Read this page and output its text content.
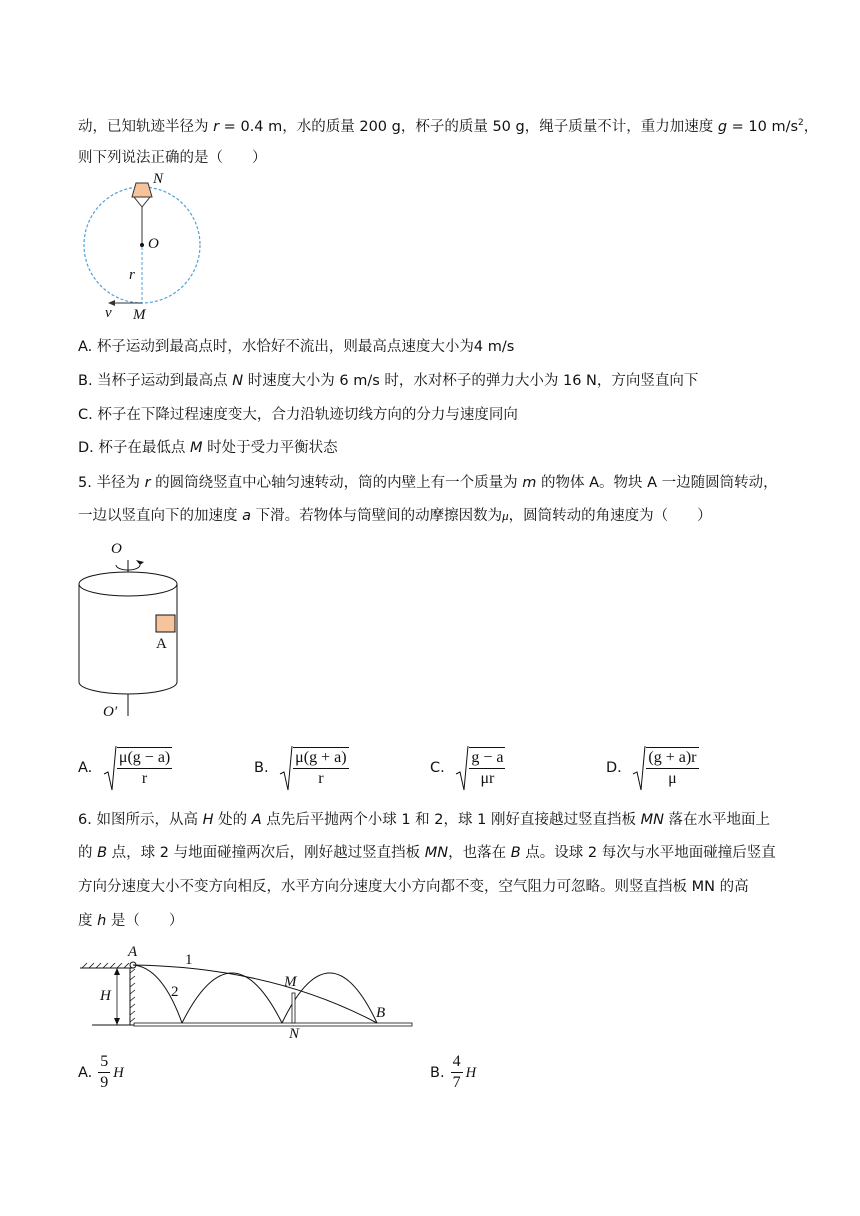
动，已知轨迹半径为 r = 0.4 m，水的质量 200 g，杯子的质量 50 g，绳子质量不计，重力加速度 g = 10 $m/s^2$，
则下列说法正确的是（　　）
N
O
r
v M
A. 杯子运动到最高点时，水恰好不流出，则最高点速度大小为4 m/s
B. 当杯子运动到最高点 N 时速度大小为 6 m/s 时，水对杯子的弹力大小为 16 N，方向竖直向下
C. 杯子在下降过程速度变大，合力沿轨迹切线方向的分力与速度同向
D. 杯子在最低点 M 时处于受力平衡状态
5. 半径为 r 的圆筒绕竖直中心轴匀速转动，筒的内壁上有一个质量为 m 的物体 A。物块 A 一边随圆筒转动，
一边以竖直向下的加速度 a 下滑。若物体与筒壁间的动摩擦因数为μ，圆筒转动的角速度为（　　）
O
A
O′
A. $\frac{\mu(g - a)}{r}$	B. $\frac{\mu(g + a)}{r}$	C. $\frac{g - a}{\mu r}$	D. $\frac{(g + a)r}{\mu}$
6. 如图所示，从高 H 处的 A 点先后平抛两个小球 1 和 2，球 1 刚好直接越过竖直挡板 MN 落在水平地面上
的 B 点，球 2 与地面碰撞两次后，刚好越过竖直挡板 MN，也落在 B 点。设球 2 每次与水平地面碰撞后竖直
方向分速度大小不变方向相反，水平方向分速度大小方向都不变，空气阻力可忽略。则竖直挡板 MN 的高
度 h 是（　　）
A	1
2
H
M
N
B
A. $\frac{5}{9}$ H	B. $\frac{4}{7}$ H
